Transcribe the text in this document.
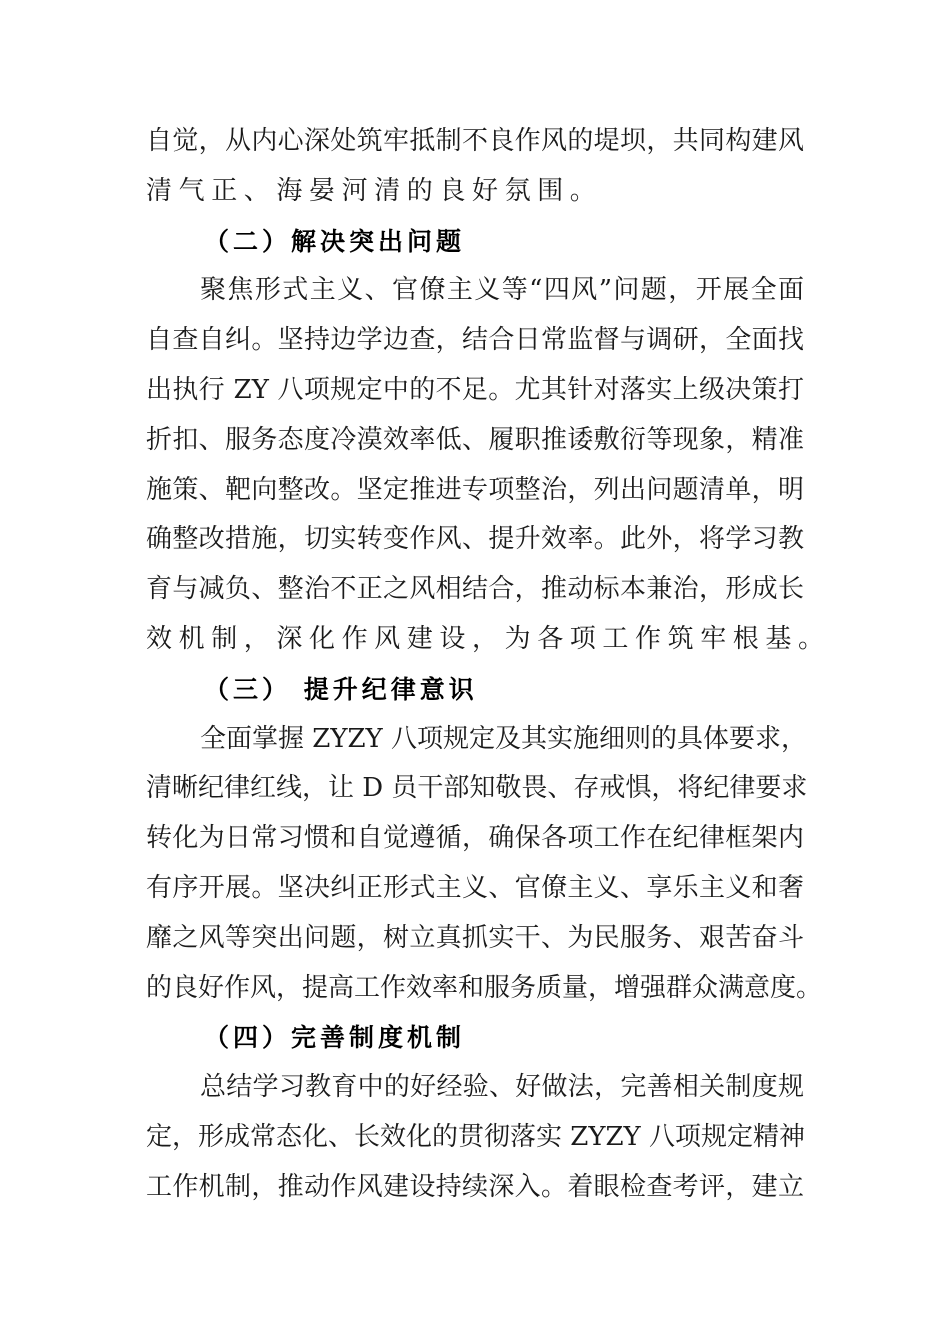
自觉，从内心深处筑牢抵制不良作风的堤坝，共同构建风
清气正、海晏河清的良好氛围。
（二）解决突出问题
聚焦形式主义、官僚主义等“四风”问题，开展全面
自查自纠。坚持边学边查，结合日常监督与调研，全面找
出执行 ZY 八项规定中的不足。尤其针对落实上级决策打
折扣、服务态度冷漠效率低、履职推诿敷衍等现象，精准
施策、靶向整改。坚定推进专项整治，列出问题清单，明
确整改措施，切实转变作风、提升效率。此外，将学习教
育与减负、整治不正之风相结合，推动标本兼治，形成长
效机制，深化作风建设，为各项工作筑牢根基。
（三） 提升纪律意识
全面掌握 ZYZY 八项规定及其实施细则的具体要求，
清晰纪律红线，让 D 员干部知敬畏、存戒惧，将纪律要求
转化为日常习惯和自觉遵循，确保各项工作在纪律框架内
有序开展。坚决纠正形式主义、官僚主义、享乐主义和奢
靡之风等突出问题，树立真抓实干、为民服务、艰苦奋斗
的良好作风，提高工作效率和服务质量，增强群众满意度。
（四）完善制度机制
总结学习教育中的好经验、好做法，完善相关制度规
定，形成常态化、长效化的贯彻落实 ZYZY 八项规定精神
工作机制，推动作风建设持续深入。着眼检查考评，建立
